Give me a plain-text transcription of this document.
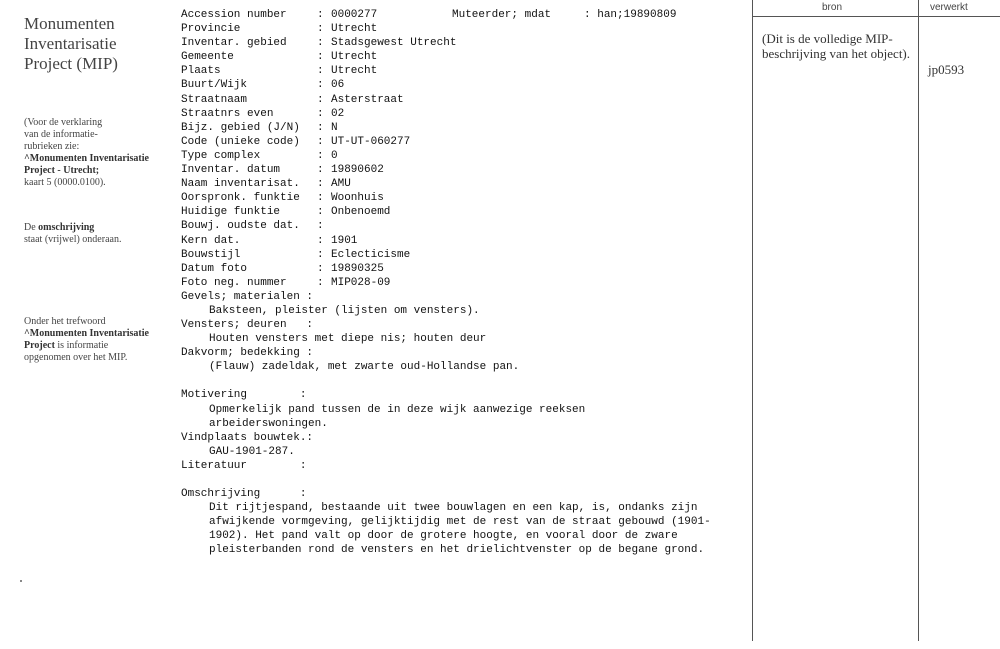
Monumenten
Inventarisatie
Project (MIP)
(Voor de verklaring
van de informatie-
rubrieken zie:
^Monumenten Inventarisatie
Project - Utrecht;
kaart 5 (0000.0100).
De omschrijving
staat (vrijwel) onderaan.
Onder het trefwoord
^Monumenten Inventarisatie
Project is informatie
opgenomen over het MIP.
Muteerder; mdat     : han;19890809
Accession number	: 0000277
Provincie	: Utrecht
Inventar. gebied	: Stadsgewest Utrecht
Gemeente	: Utrecht
Plaats	: Utrecht
Buurt/Wijk	: 06
Straatnaam	: Asterstraat
Straatnrs even	: 02
Bijz. gebied (J/N) : N
Code (unieke code) : UT-UT-060277
Type complex	: 0
Inventar. datum	: 19890602
Naam inventarisat. : AMU
Oorspronk. funktie : Woonhuis
Huidige funktie	: Onbenoemd
Bouwj. oudste dat. :
Kern dat.	: 1901
Bouwstijl	: Eclecticisme
Datum foto	: 19890325
Foto neg. nummer	: MIP028-09
Gevels; materialen :
Baksteen, pleister (lijsten om vensters).
Vensters; deuren   :
Houten vensters met diepe nis; houten deur
Dakvorm; bedekking :
(Flauw) zadeldak, met zwarte oud-Hollandse pan.
Motivering        :
Opmerkelijk pand tussen de in deze wijk aanwezige reeksen arbeiderswoningen.
Vindplaats bouwtek.:
GAU-1901-287.
Literatuur        :
Omschrijving      :
Dit rijtjespand, bestaande uit twee bouwlagen en een kap, is, ondanks zijn afwijkende vormgeving, gelijktijdig met de rest van de straat gebouwd (1901-1902). Het pand valt op door de grotere hoogte, en vooral door de zware pleisterbanden rond de vensters en het drielichtvenster op de begane grond.
bron	verwerkt
(Dit is de volledige MIP-beschrijving van het object).
jp0593
